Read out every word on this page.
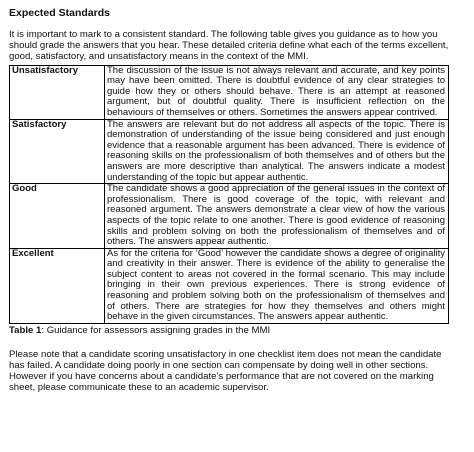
Expected Standards

It is important to mark to a consistent standard. The following table gives you guidance as to how you should grade the answers that you hear. These detailed criteria define what each of the terms excellent, good, satisfactory, and unsatisfactory means in the context of the MMI.

Unsatisfactory	The discussion of the issue is not always relevant and accurate, and key points may have been omitted. There is doubtful evidence of any clear strategies to guide how they or others should behave. There is an attempt at reasoned argument, but of doubtful quality. There is insufficient reflection on the behaviours of themselves or others. Sometimes the answers appear contrived.
Satisfactory	The answers are relevant but do not address all aspects of the topic. There is demonstration of understanding of the issue being considered and just enough evidence that a reasonable argument has been advanced. There is evidence of reasoning skills on the professionalism of both themselves and of others but the answers are more descriptive than analytical. The answers indicate a modest understanding of the topic but appear authentic.
Good	The candidate shows a good appreciation of the general issues in the context of professionalism. There is good coverage of the topic, with relevant and reasoned argument. The answers demonstrate a clear view of how the various aspects of the topic relate to one another. There is good evidence of reasoning skills and problem solving on both the professionalism of themselves and of others. The answers appear authentic.
Excellent	As for the criteria for ‘Good’ however the candidate shows a degree of originality and creativity in their answer. There is evidence of the ability to generalise the subject content to areas not covered in the formal scenario. This may include bringing in their own previous experiences. There is strong evidence of reasoning and problem solving both on the professionalism of themselves and of others. There are strategies for how they themselves and others might behave in the given circumstances. The answers appear authentic.
Table 1: Guidance for assessors assigning grades in the MMI

Please note that a candidate scoring unsatisfactory in one checklist item does not mean the candidate has failed. A candidate doing poorly in one section can compensate by doing well in other sections. However if you have concerns about a candidate’s performance that are not covered on the marking sheet, please communicate these to an academic supervisor.
